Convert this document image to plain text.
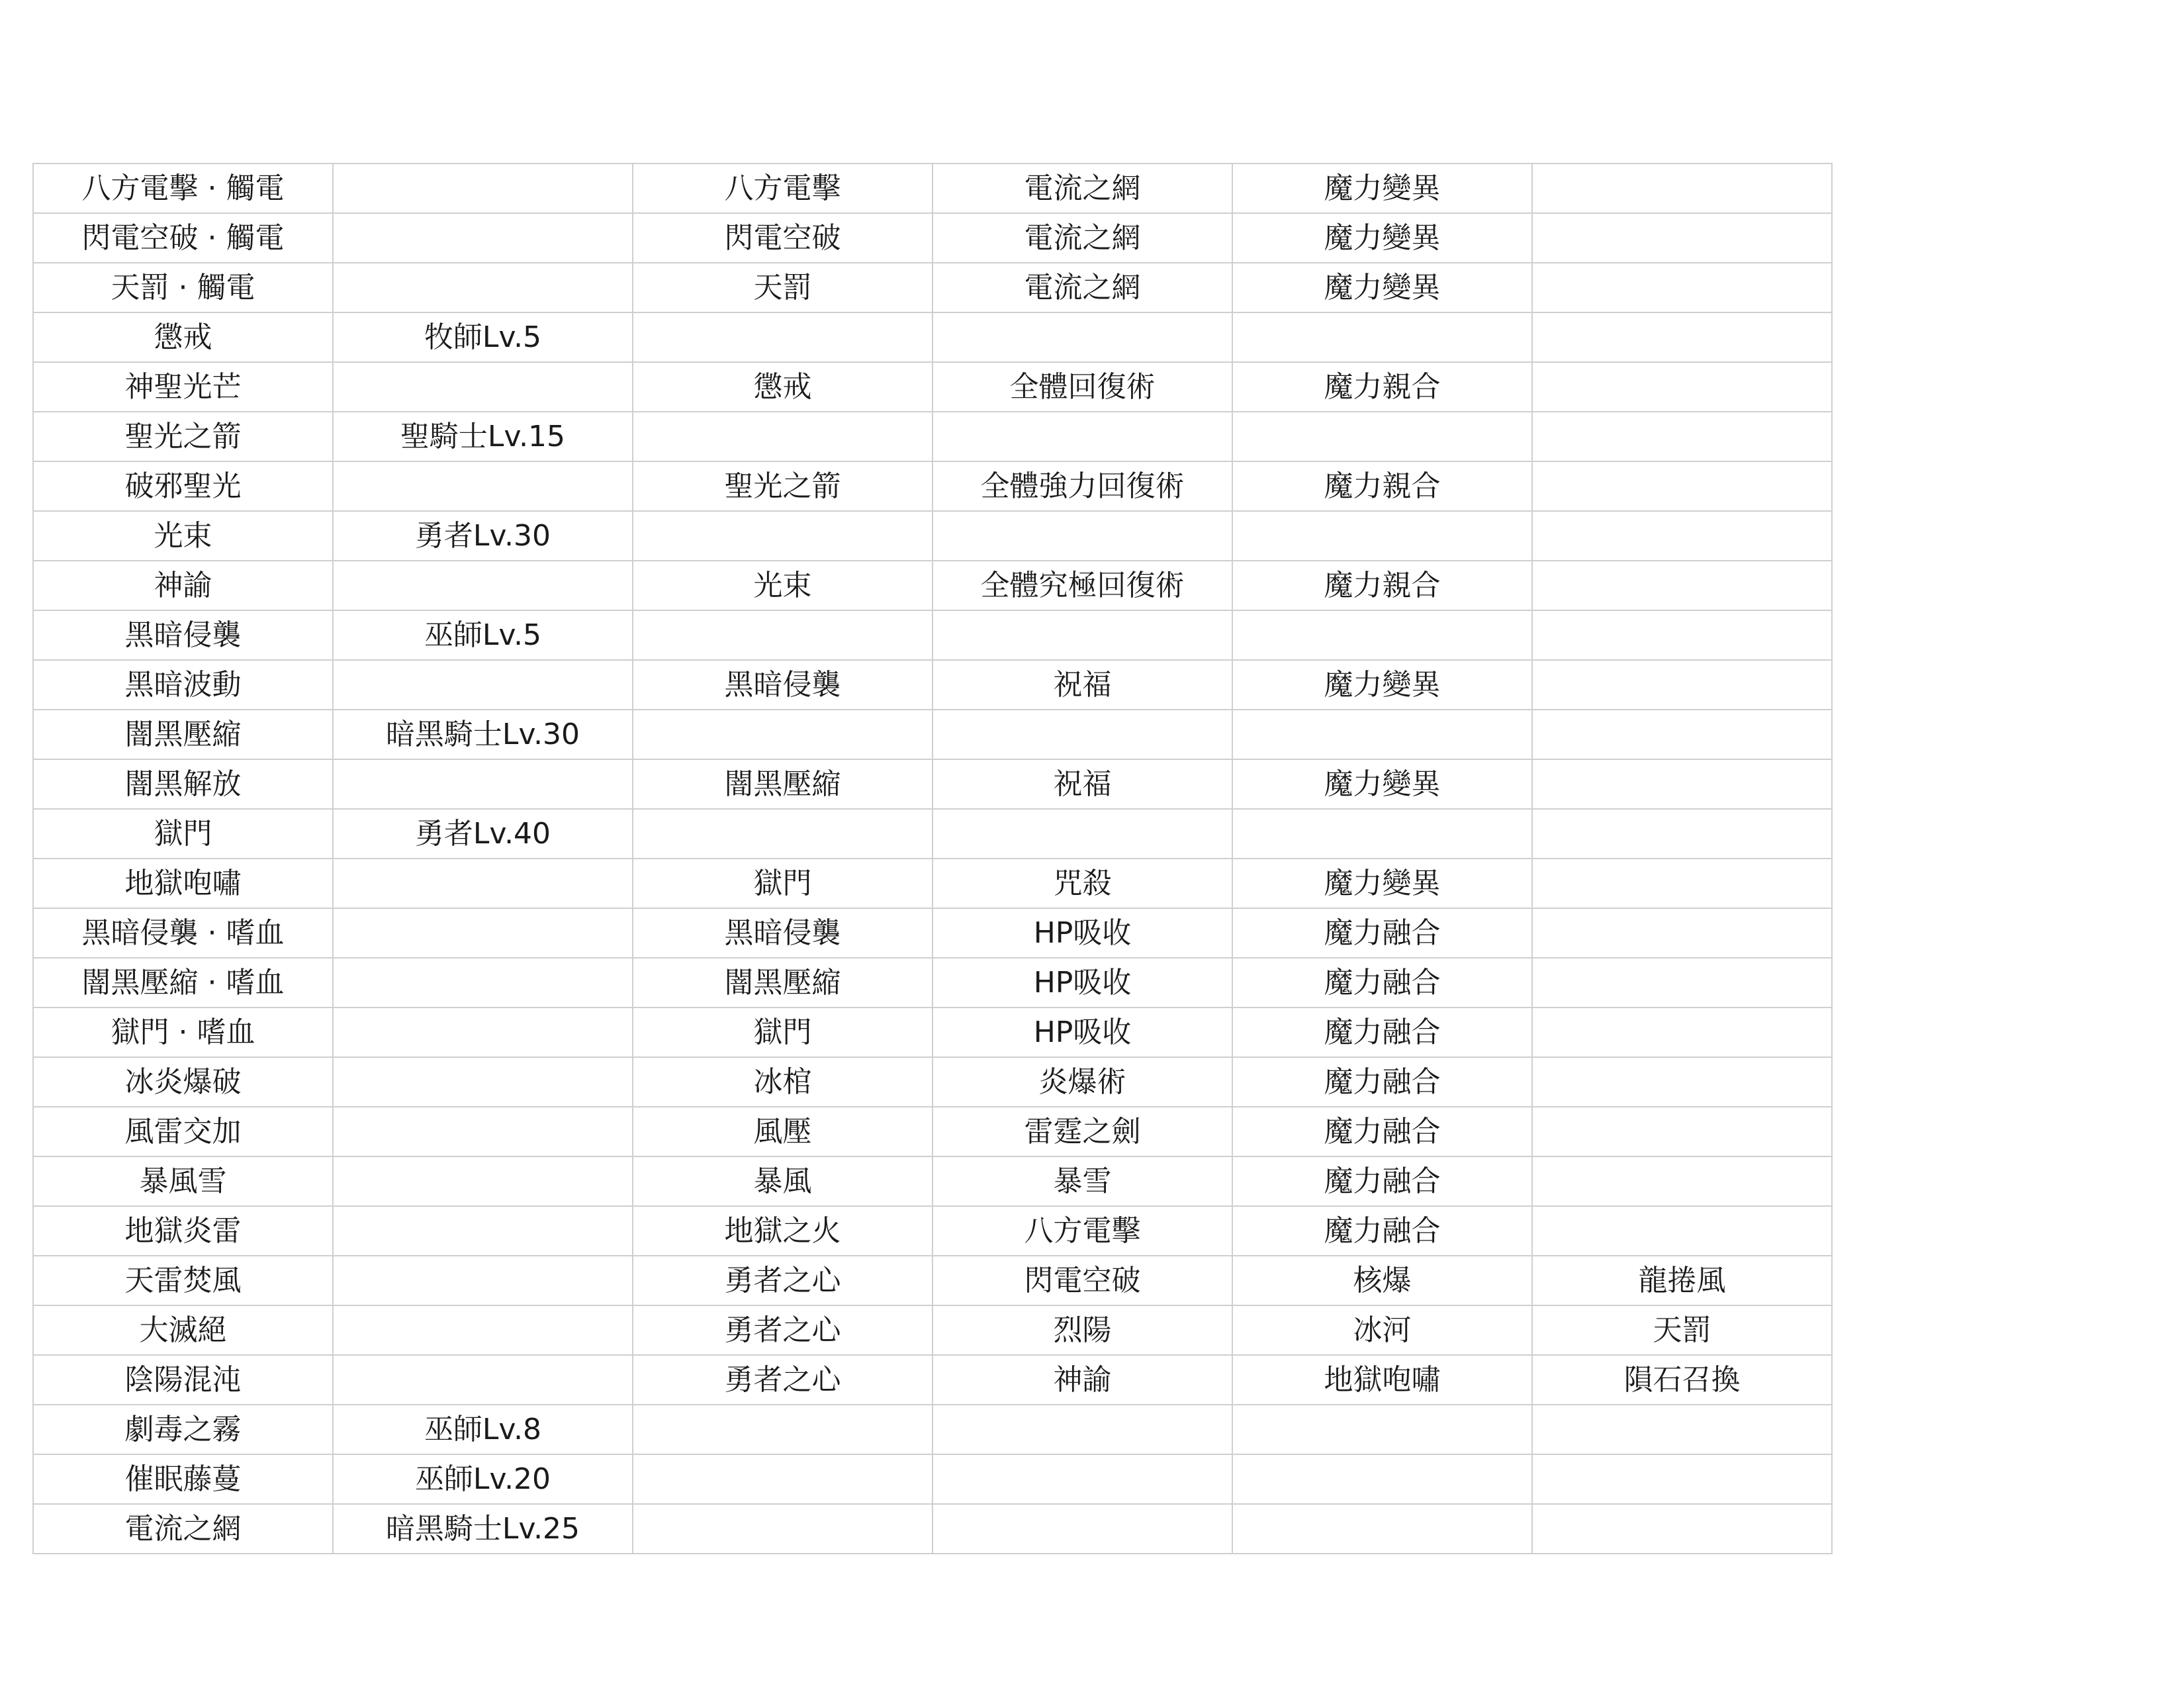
八方電擊 · 觸電		八方電擊	電流之網	魔力變異	
閃電空破 · 觸電		閃電空破	電流之網	魔力變異	
天罰 · 觸電		天罰	電流之網	魔力變異	
懲戒	牧師Lv.5				
神聖光芒		懲戒	全體回復術	魔力親合	
聖光之箭	聖騎士Lv.15				
破邪聖光		聖光之箭	全體強力回復術	魔力親合	
光束	勇者Lv.30				
神諭		光束	全體究極回復術	魔力親合	
黑暗侵襲	巫師Lv.5				
黑暗波動		黑暗侵襲	祝福	魔力變異	
闇黑壓縮	暗黑騎士Lv.30				
闇黑解放		闇黑壓縮	祝福	魔力變異	
獄門	勇者Lv.40				
地獄咆嘯		獄門	咒殺	魔力變異	
黑暗侵襲 · 嗜血		黑暗侵襲	HP吸收	魔力融合	
闇黑壓縮 · 嗜血		闇黑壓縮	HP吸收	魔力融合	
獄門 · 嗜血		獄門	HP吸收	魔力融合	
冰炎爆破		冰棺	炎爆術	魔力融合	
風雷交加		風壓	雷霆之劍	魔力融合	
暴風雪		暴風	暴雪	魔力融合	
地獄炎雷		地獄之火	八方電擊	魔力融合	
天雷焚風		勇者之心	閃電空破	核爆	龍捲風
大滅絕		勇者之心	烈陽	冰河	天罰
陰陽混沌		勇者之心	神諭	地獄咆嘯	隕石召換
劇毒之霧	巫師Lv.8				
催眠藤蔓	巫師Lv.20				
電流之網	暗黑騎士Lv.25				
